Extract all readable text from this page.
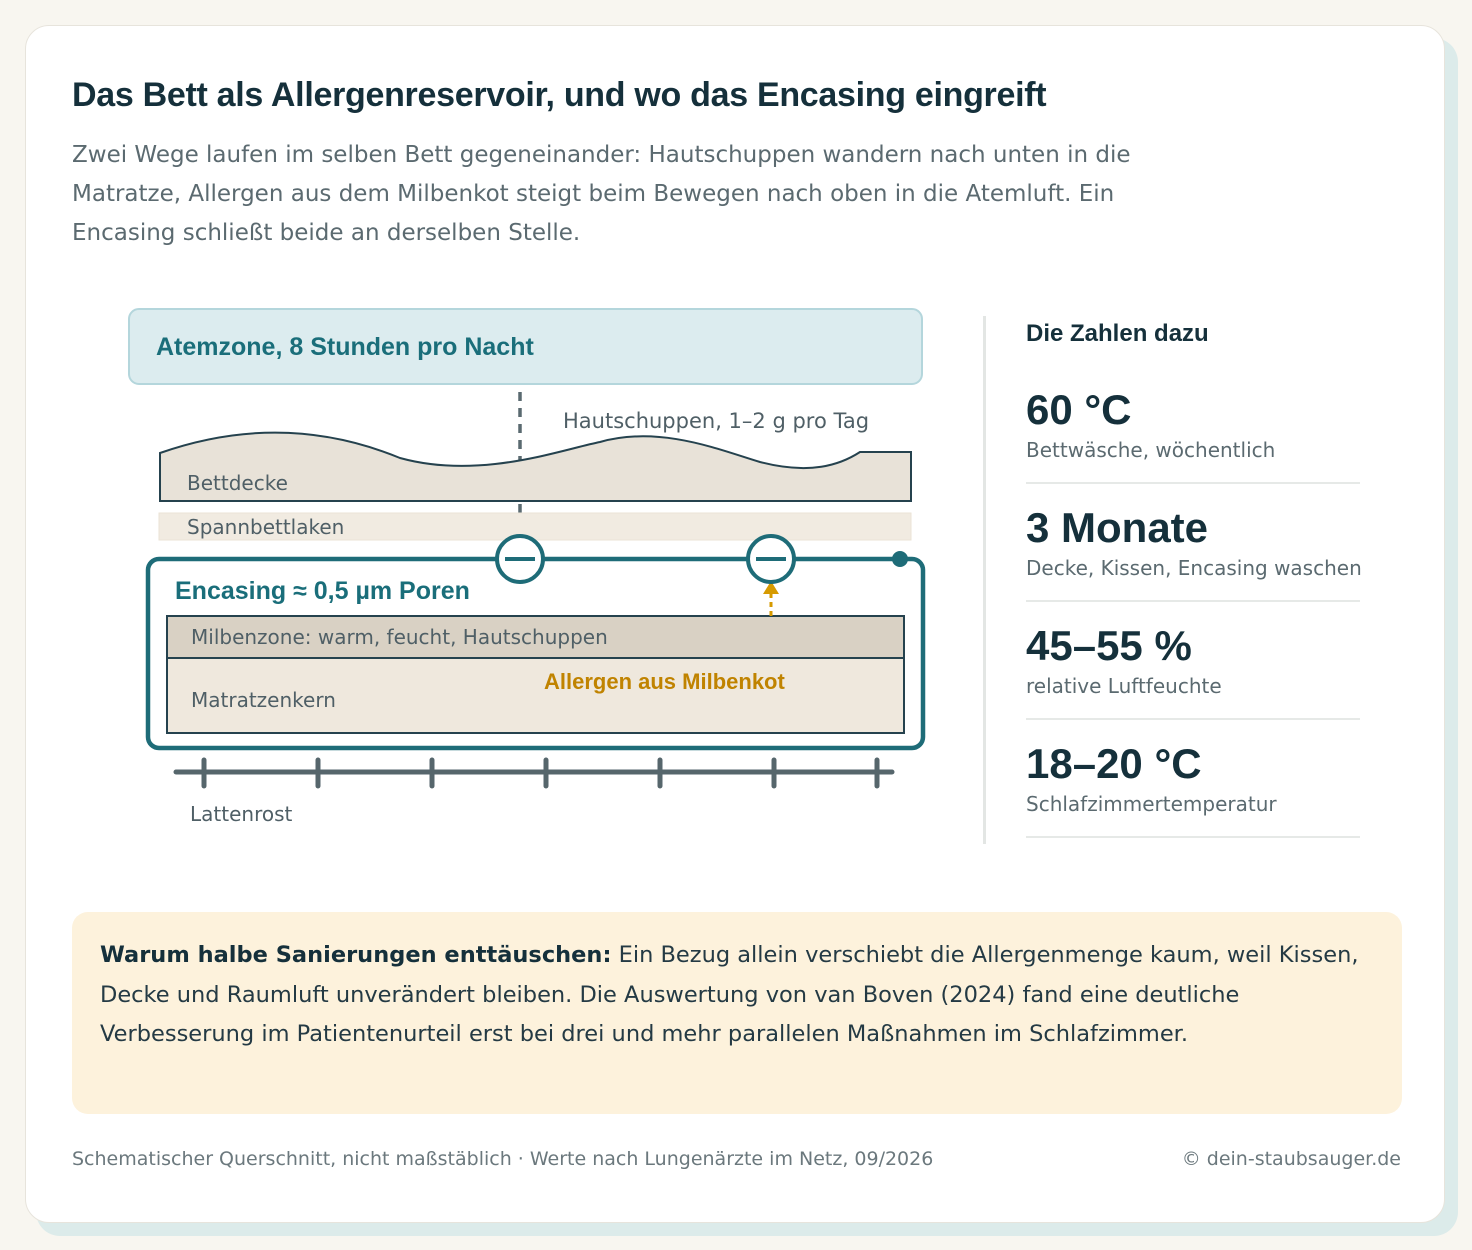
Das Bett als Allergenreservoir, und wo das Encasing eingreift

Zwei Wege laufen im selben Bett gegeneinander: Hautschuppen wandern nach unten in die Matratze, Allergen aus dem Milbenkot steigt beim Bewegen nach oben in die Atemluft. Ein Encasing schließt beide an derselben Stelle.

Atemzone, 8 Stunden pro Nacht
Hautschuppen, 1–2 g pro Tag
Bettdecke
Spannbettlaken
Encasing ≈ 0,5 µm Poren
Milbenzone: warm, feucht, Hautschuppen
Allergen aus Milbenkot
Matratzenkern
Lattenrost
Die Zahlen dazu
60 °C
Bettwäsche, wöchentlich
3 Monate
Decke, Kissen, Encasing waschen
45–55 %
relative Luftfeuchte
18–20 °C
Schlafzimmertemperatur

Warum halbe Sanierungen enttäuschen: Ein Bezug allein verschiebt die Allergenmenge kaum, weil Kissen, Decke und Raumluft unverändert bleiben. Die Auswertung von van Boven (2024) fand eine deutliche Verbesserung im Patientenurteil erst bei drei und mehr parallelen Maßnahmen im Schlafzimmer.

Schematischer Querschnitt, nicht maßstäblich · Werte nach Lungenärzte im Netz, 09/2026	© dein-staubsauger.de
